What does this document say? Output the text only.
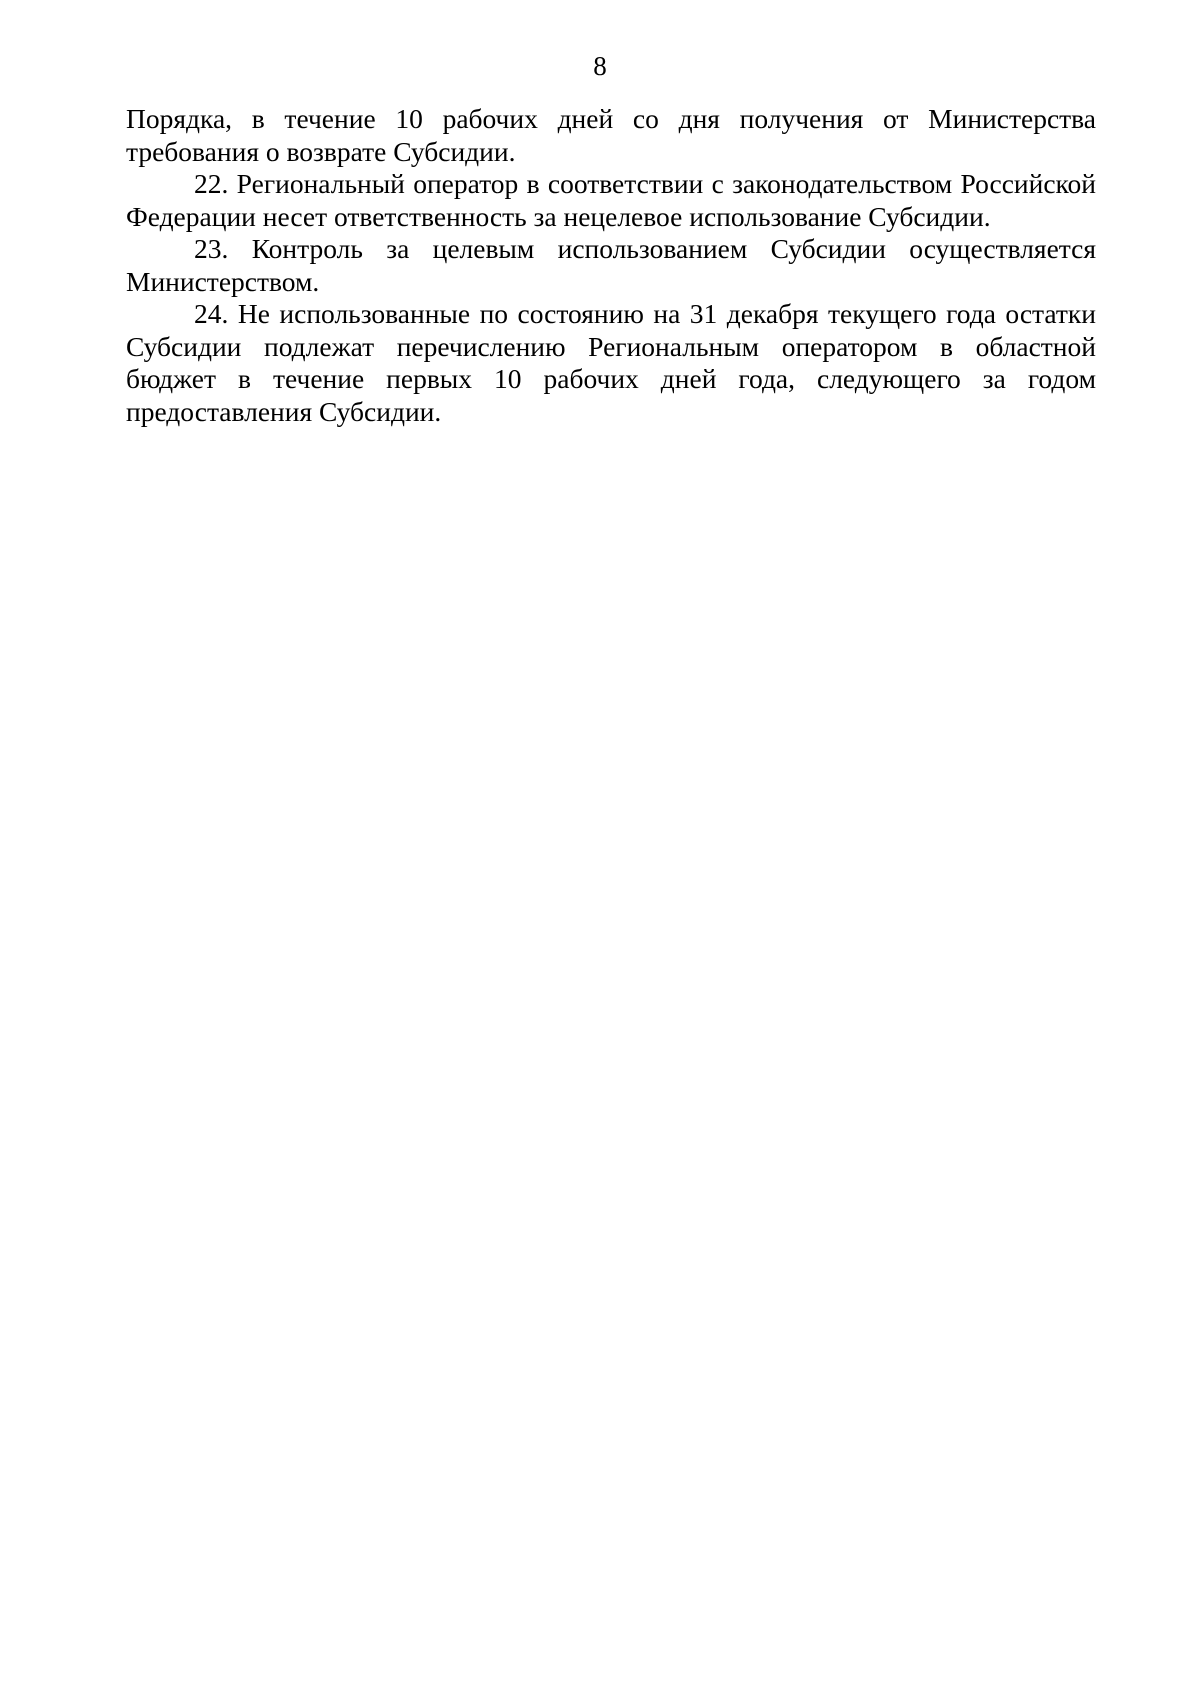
8

Порядка, в течение 10 рабочих дней со дня получения от Министерства требования о возврате Субсидии.

22. Региональный оператор в соответствии с законодательством Российской Федерации несет ответственность за нецелевое использование Субсидии.

23. Контроль за целевым использованием Субсидии осуществляется Министерством.

24. Не использованные по состоянию на 31 декабря текущего года остатки Субсидии подлежат перечислению Региональным оператором в областной бюджет в течение первых 10 рабочих дней года, следующего за годом предоставления Субсидии.
